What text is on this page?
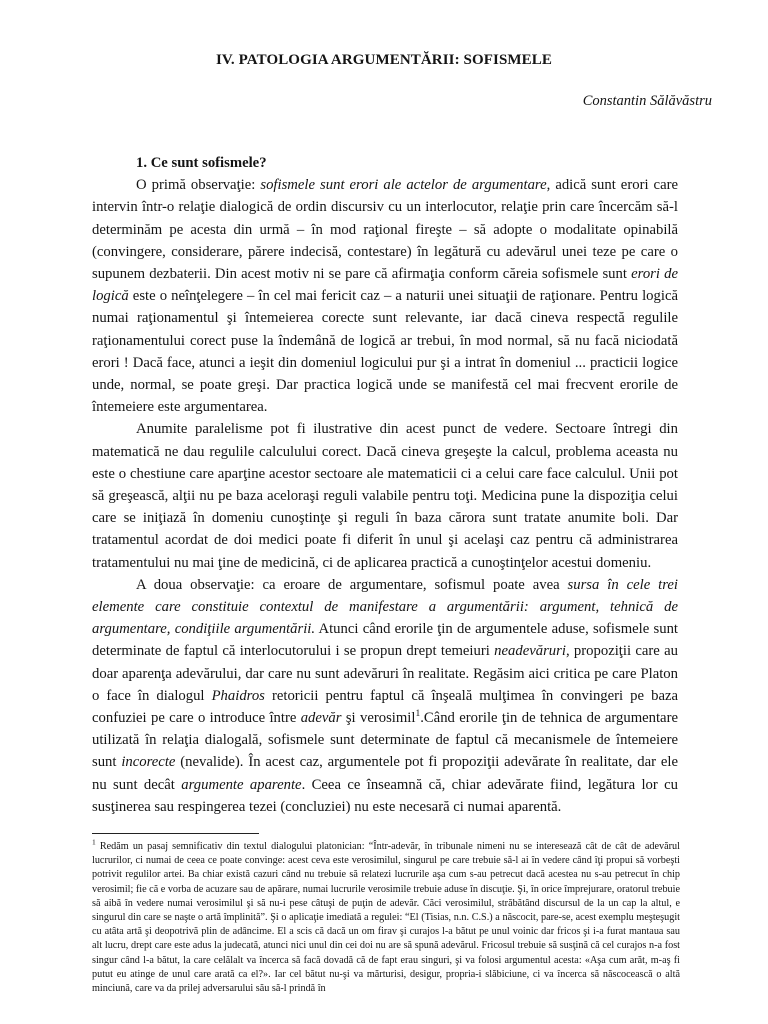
IV. PATOLOGIA ARGUMENTĂRII: SOFISMELE
Constantin Sălăvăstru

1. Ce sunt sofismele?

O primă observaţie: sofismele sunt erori ale actelor de argumentare, adică sunt erori care intervin într-o relaţie dialogică de ordin discursiv cu un interlocutor, relaţie prin care încercăm să-l determinăm pe acesta din urmă – în mod raţional fireşte – să adopte o modalitate opinabilă (convingere, considerare, părere indecisă, contestare) în legătură cu adevărul unei teze pe care o supunem dezbaterii. Din acest motiv ni se pare că afirmaţia conform căreia sofismele sunt erori de logică este o neînţelegere – în cel mai fericit caz – a naturii unei situaţii de raţionare. Pentru logică numai raţionamentul şi întemeierea corecte sunt relevante, iar dacă cineva respectă regulile raţionamentului corect puse la îndemână de logică ar trebui, în mod normal, să nu facă niciodată erori ! Dacă face, atunci a ieşit din domeniul logicului pur şi a intrat în domeniul ... practicii logice unde, normal, se poate greşi. Dar practica logică unde se manifestă cel mai frecvent erorile de întemeiere este argumentarea.

Anumite paralelisme pot fi ilustrative din acest punct de vedere. Sectoare întregi din matematică ne dau regulile calculului corect. Dacă cineva greşeşte la calcul, problema aceasta nu este o chestiune care aparţine acestor sectoare ale matematicii ci a celui care face calculul. Unii pot să greşească, alţii nu pe baza aceloraşi reguli valabile pentru toţi. Medicina pune la dispoziţia celui care se iniţiază în domeniu cunoştinţe şi reguli în baza cărora sunt tratate anumite boli. Dar tratamentul acordat de doi medici poate fi diferit în unul şi acelaşi caz pentru că administrarea tratamentului nu mai ţine de medicină, ci de aplicarea practică a cunoştinţelor acestui domeniu.

A doua observaţie: ca eroare de argumentare, sofismul poate avea sursa în cele trei elemente care constituie contextul de manifestare a argumentării: argument, tehnică de argumentare, condiţiile argumentării. Atunci când erorile ţin de argumentele aduse, sofismele sunt determinate de faptul că interlocutorului i se propun drept temeiuri neadevăruri, propoziţii care au doar aparenţa adevărului, dar care nu sunt adevăruri în realitate. Regăsim aici critica pe care Platon o face în dialogul Phaidros retoricii pentru faptul că înşeală mulţimea în convingeri pe baza confuziei pe care o introduce între adevăr şi verosimil$^1$.Când erorile ţin de tehnica de argumentare utilizată în relaţia dialogală, sofismele sunt determinate de faptul că mecanismele de întemeiere sunt incorecte (nevalide). În acest caz, argumentele pot fi propoziţii adevărate în realitate, dar ele nu sunt decât argumente aparente. Ceea ce înseamnă că, chiar adevărate fiind, legătura lor cu susţinerea sau respingerea tezei (concluziei) nu este necesară ci numai aparentă.

$^1$ Redăm un pasaj semnificativ din textul dialogului platonician: “Într-adevăr, în tribunale nimeni nu se interesează cât de cât de adevărul lucrurilor, ci numai de ceea ce poate convinge: acest ceva este verosimilul, singurul pe care trebuie să-l ai în vedere când îţi propui să vorbeşti potrivit regulilor artei. Ba chiar există cazuri când nu trebuie să relatezi lucrurile aşa cum s-au petrecut dacă acestea nu s-au petrecut în chip verosimil; fie că e vorba de acuzare sau de apărare, numai lucrurile verosimile trebuie aduse în discuţie. Şi, în orice împrejurare, oratorul trebuie să aibă în vedere numai verosimilul şi să nu-i pese câtuşi de puţin de adevăr. Căci verosimilul, străbătând discursul de la un cap la altul, e singurul din care se naşte o artă împlinită”. Şi o aplicaţie imediată a regulei: “El (Tisias, n.n. C.S.) a născocit, pare-se, acest exemplu meşteşugit cu atâta artă şi deopotrivă plin de adâncime. El a scis că dacă un om firav şi curajos l-a bătut pe unul voinic dar fricos şi i-a furat mantaua sau alt lucru, drept care este adus la judecată, atunci nici unul din cei doi nu are să spună adevărul. Fricosul trebuie să susţină că cel curajos n-a fost singur când l-a bătut, la care celălalt va încerca să facă dovadă că de fapt erau singuri, şi va folosi argumentul acesta: «Aşa cum arăt, m-aş fi putut eu atinge de unul care arată ca el?». Iar cel bătut nu-şi va mărturisi, desigur, propria-i slăbiciune, ci va încerca să născocească o altă minciună, care va da prilej adversarului său să-l prindă în
